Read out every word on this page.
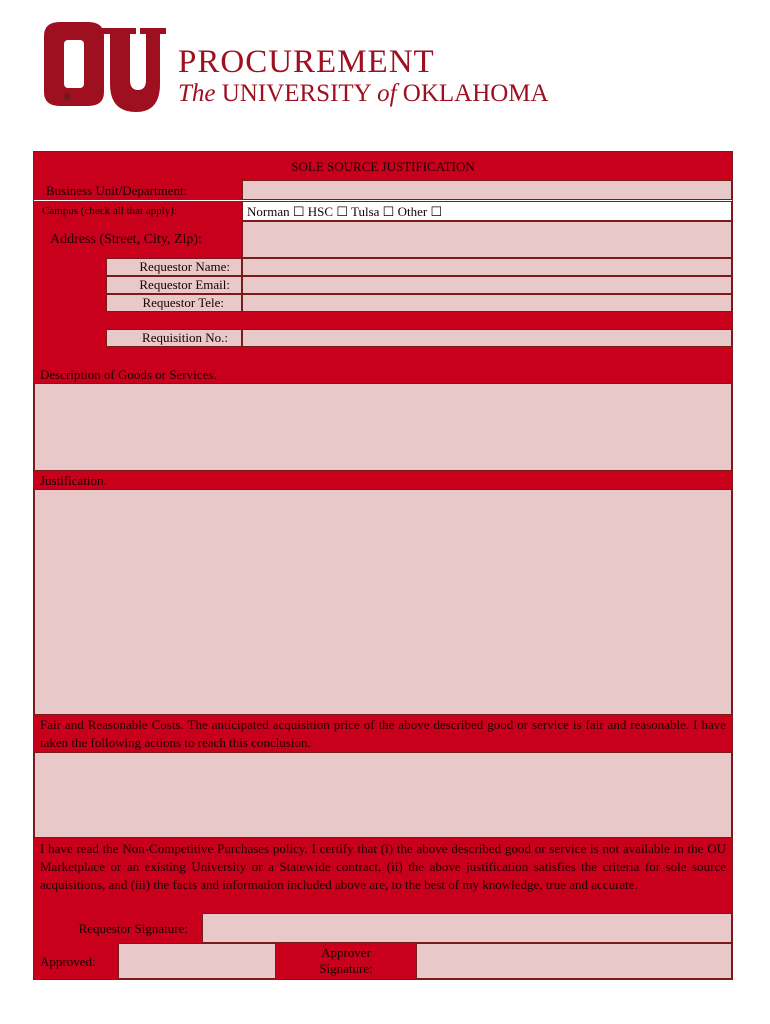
®
PROCUREMENT
The UNIVERSITY of OKLAHOMA
SOLE SOURCE JUSTIFICATION
Business Unit/Department:
Campus (check all that apply):	Norman ☐ HSC ☐ Tulsa ☐ Other ☐
Address (Street, City, Zip):
Requestor Name:
Requestor Email:
Requestor Tele:
Requisition No.:
Description of Goods or Services.
Justification.
Fair and Reasonable Costs. The anticipated acquisition price of the above described good or service is fair and reasonable. I have taken the following actions to reach this conclusion.
I have read the Non-Competitive Purchases policy. I certify that (i) the above described good or service is not available in the OU Marketplace or an existing University or a Statewide contract, (ii) the above justification satisfies the criteria for sole source acquisitions, and (iii) the facts and information included above are, to the best of my knowledge, true and accurate.
Requestor Signature:
Approved:
Approver Signature:
